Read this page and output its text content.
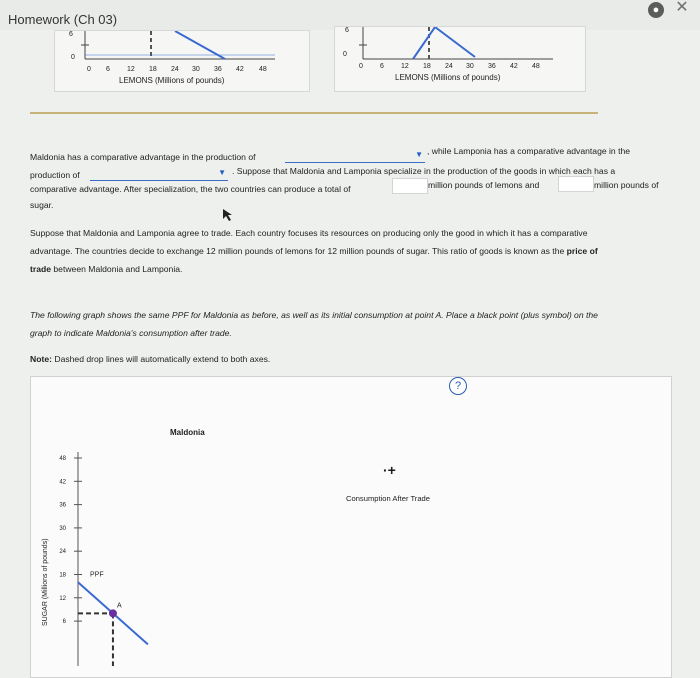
Homework (Ch 03)
● ✕
6
0
0 6 12 18 24 30 36 42 48
LEMONS (Millions of pounds)
6
0
0 6 12 18 24 30 36 42 48
LEMONS (Millions of pounds)
Maldonia has a comparative advantage in the production of	▼ , while Lamponia has a comparative advantage in the
production of	▼ . Suppose that Maldonia and Lamponia specialize in the production of the goods in which each has a
comparative advantage. After specialization, the two countries can produce a total of	million pounds of lemons and	million pounds of
sugar.
Suppose that Maldonia and Lamponia agree to trade. Each country focuses its resources on producing only the good in which it has a comparative
advantage. The countries decide to exchange 12 million pounds of lemons for 12 million pounds of sugar. This ratio of goods is known as the price of
trade between Maldonia and Lamponia.
The following graph shows the same PPF for Maldonia as before, as well as its initial consumption at point A. Place a black point (plus symbol) on the
graph to indicate Maldonia's consumption after trade.
Note: Dashed drop lines will automatically extend to both axes.
?
Maldonia
SUGAR (Millions of pounds)
48
42
36
30
24
18
12
6
PPF
A
Consumption After Trade
·+
